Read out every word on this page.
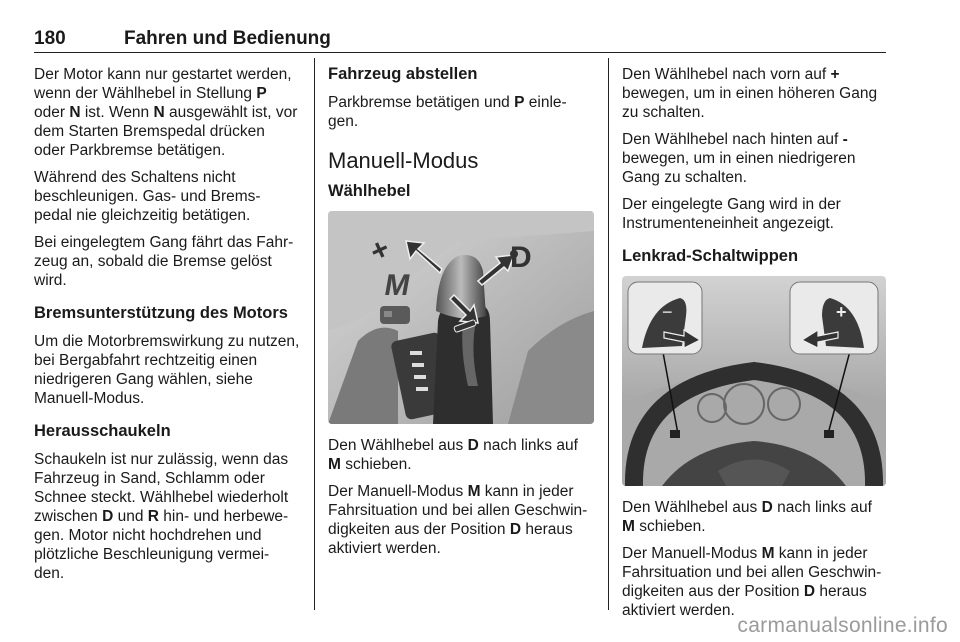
180	Fahren und Bedienung

Der Motor kann nur gestartet werden, wenn der Wählhebel in Stellung P oder N ist. Wenn N ausgewählt ist, vor dem Starten Bremspedal drücken oder Parkbremse betätigen.

Während des Schaltens nicht beschleunigen. Gas- und Brems- pedal nie gleichzeitig betätigen.

Bei eingelegtem Gang fährt das Fahr- zeug an, sobald die Bremse gelöst wird.

Bremsunterstützung des Motors

Um die Motorbremswirkung zu nutzen, bei Bergabfahrt rechtzeitig einen niedrigeren Gang wählen, siehe Manuell-Modus.

Herausschaukeln

Schaukeln ist nur zulässig, wenn das Fahrzeug in Sand, Schlamm oder Schnee steckt. Wählhebel wiederholt zwischen D und R hin- und herbewe- gen. Motor nicht hochdrehen und plötzliche Beschleunigung vermei- den.

Fahrzeug abstellen

Parkbremse betätigen und P einle- gen.

Manuell-Modus
Wählhebel
+	D
M

Den Wählhebel aus D nach links auf M schieben.

Der Manuell-Modus M kann in jeder Fahrsituation und bei allen Geschwin- digkeiten aus der Position D heraus aktiviert werden.

Den Wählhebel nach vorn auf + bewegen, um in einen höheren Gang zu schalten.

Den Wählhebel nach hinten auf - bewegen, um in einen niedrigeren Gang zu schalten.

Der eingelegte Gang wird in der Instrumenteneinheit angezeigt.

Lenkrad-Schaltwippen
−	+

Den Wählhebel aus D nach links auf M schieben.

Der Manuell-Modus M kann in jeder Fahrsituation und bei allen Geschwin- digkeiten aus der Position D heraus aktiviert werden.

carmanualsonline.info
